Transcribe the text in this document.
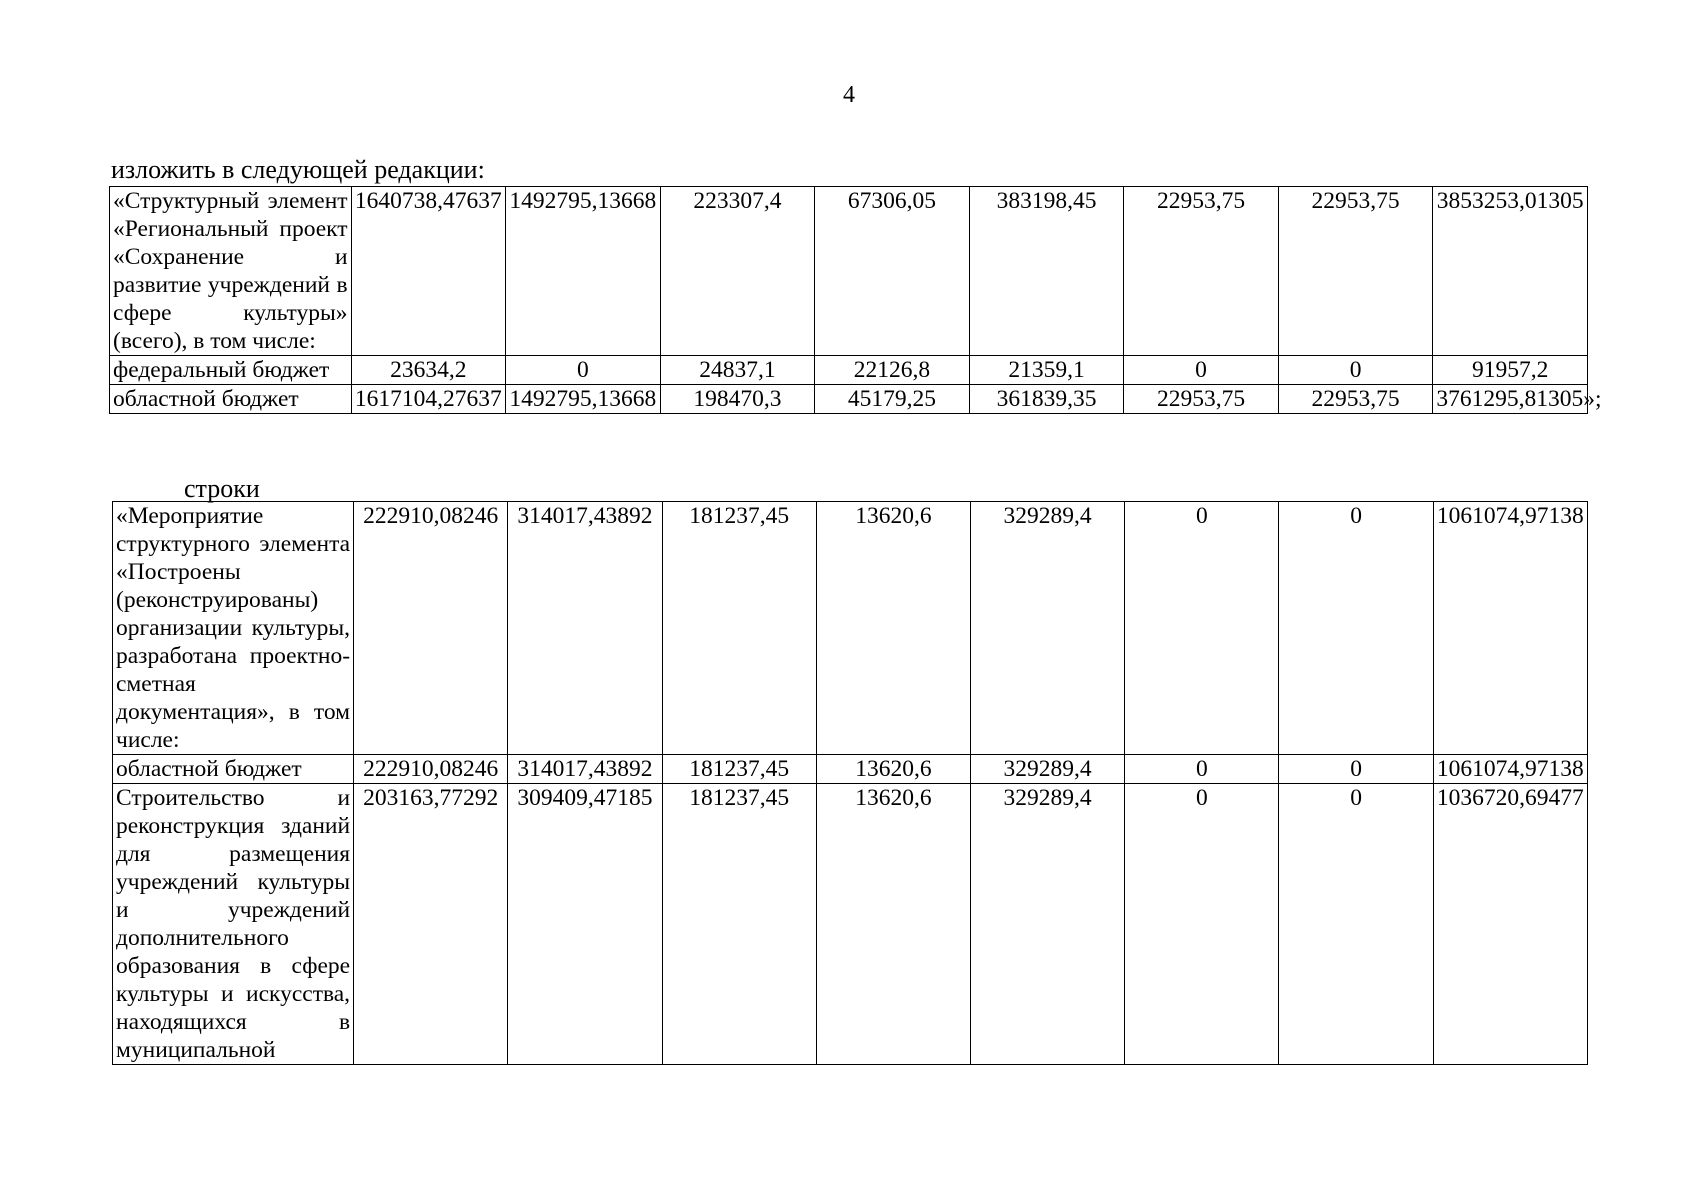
4
изложить в следующей редакции:
«Структурный элемент «Региональный проект «Сохранение и развитие учреждений в сфере культуры» (всего), в том числе:	1640738,47637	1492795,13668	223307,4	67306,05	383198,45	22953,75	22953,75	3853253,01305
федеральный бюджет	23634,2	0	24837,1	22126,8	21359,1	0	0	91957,2
областной бюджет	1617104,27637	1492795,13668	198470,3	45179,25	361839,35	22953,75	22953,75	3761295,81305»;
строки
«Мероприятие структурного элемента «Построены (реконструированы) организации культуры, разработана проектно-сметная документация», в том числе:	222910,08246	314017,43892	181237,45	13620,6	329289,4	0	0	1061074,97138
областной бюджет	222910,08246	314017,43892	181237,45	13620,6	329289,4	0	0	1061074,97138
Строительство и реконструкция зданий для размещения учреждений культуры и учреждений дополнительного образования в сфере культуры и искусства, находящихся в муниципальной	203163,77292	309409,47185	181237,45	13620,6	329289,4	0	0	1036720,69477
